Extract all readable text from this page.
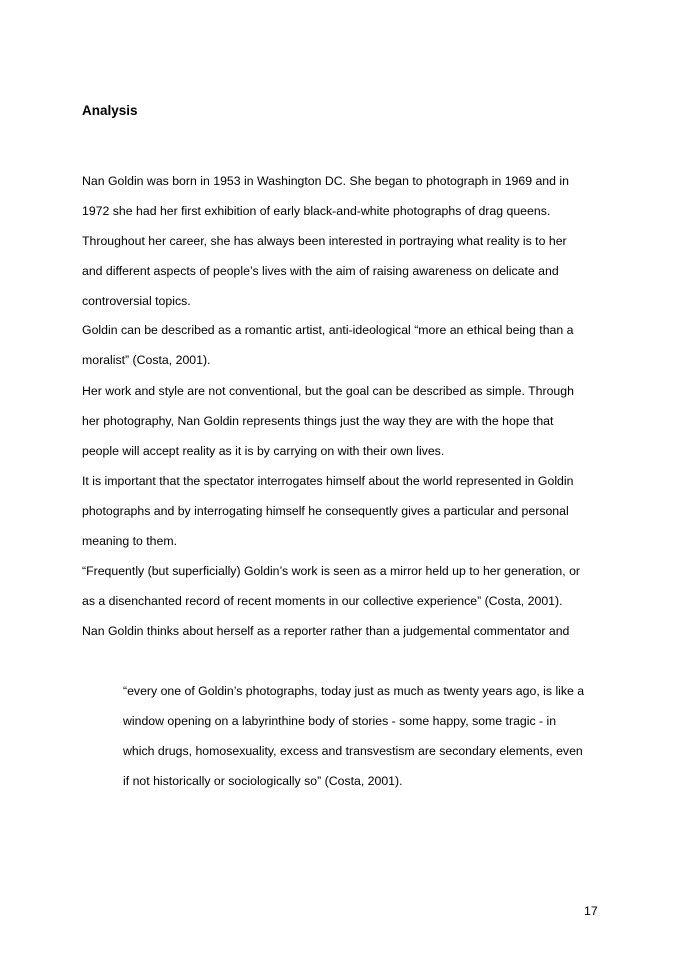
Analysis

Nan Goldin was born in 1953 in Washington DC. She began to photograph in 1969 and in

1972 she had her first exhibition of early black-and-white photographs of drag queens.

Throughout her career, she has always been interested in portraying what reality is to her

and different aspects of people’s lives with the aim of raising awareness on delicate and

controversial topics.

Goldin can be described as a romantic artist, anti-ideological “more an ethical being than a

moralist” (Costa, 2001).

Her work and style are not conventional, but the goal can be described as simple. Through

her photography, Nan Goldin represents things just the way they are with the hope that

people will accept reality as it is by carrying on with their own lives.

It is important that the spectator interrogates himself about the world represented in Goldin

photographs and by interrogating himself he consequently gives a particular and personal

meaning to them.

“Frequently (but superficially) Goldin’s work is seen as a mirror held up to her generation, or

as a disenchanted record of recent moments in our collective experience” (Costa, 2001).

Nan Goldin thinks about herself as a reporter rather than a judgemental commentator and

“every one of Goldin’s photographs, today just as much as twenty years ago, is like a

window opening on a labyrinthine body of stories - some happy, some tragic - in

which drugs, homosexuality, excess and transvestism are secondary elements, even

if not historically or sociologically so” (Costa, 2001).

17
